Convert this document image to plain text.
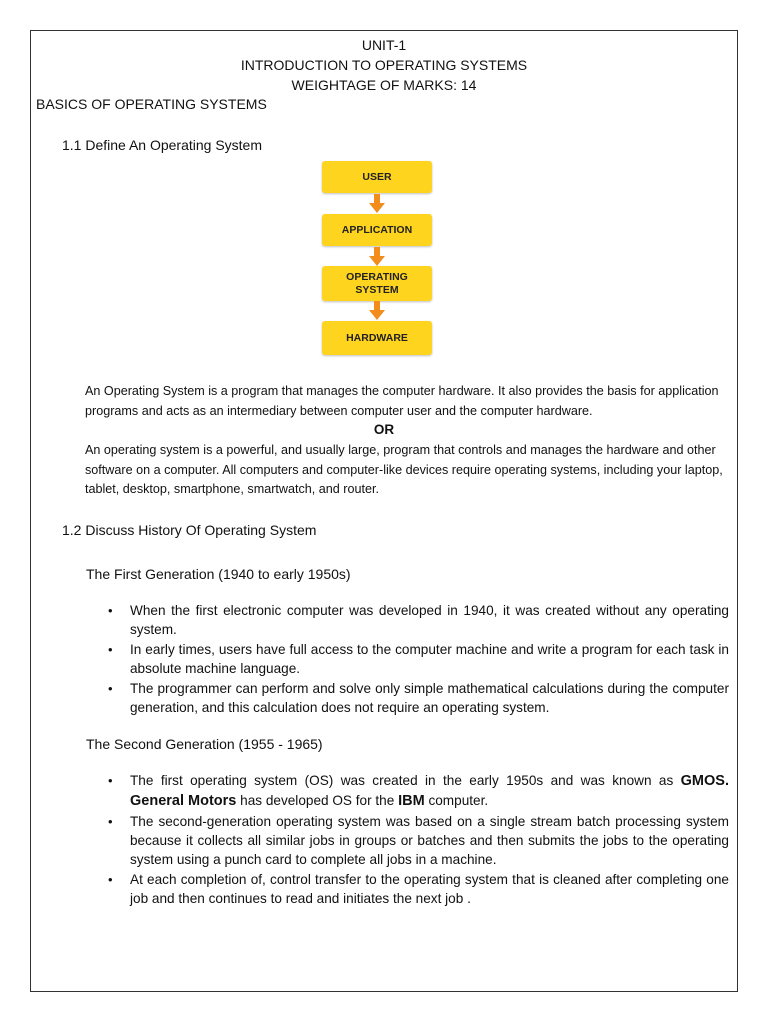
UNIT-1
INTRODUCTION TO OPERATING SYSTEMS
WEIGHTAGE OF MARKS: 14
BASICS OF OPERATING SYSTEMS
1.1 Define An Operating System
USER
APPLICATION
OPERATING
SYSTEM
HARDWARE
An Operating System is a program that manages the computer hardware. It also provides the basis for application programs and acts as an intermediary between computer user and the computer hardware.
OR
An operating system is a powerful, and usually large, program that controls and manages the hardware and other software on a computer. All computers and computer-like devices require operating systems, including your laptop, tablet, desktop, smartphone, smartwatch, and router.
1.2 Discuss History Of Operating System
The First Generation (1940 to early 1950s)
• When the first electronic computer was developed in 1940, it was created without any operating system.
• In early times, users have full access to the computer machine and write a program for each task in absolute machine language.
• The programmer can perform and solve only simple mathematical calculations during the computer generation, and this calculation does not require an operating system.
The Second Generation (1955 - 1965)
• The first operating system (OS) was created in the early 1950s and was known as GMOS. General Motors has developed OS for the IBM computer.
• The second-generation operating system was based on a single stream batch processing system because it collects all similar jobs in groups or batches and then submits the jobs to the operating system using a punch card to complete all jobs in a machine.
• At each completion of, control transfer to the operating system that is cleaned after completing one job and then continues to read and initiates the next job .
